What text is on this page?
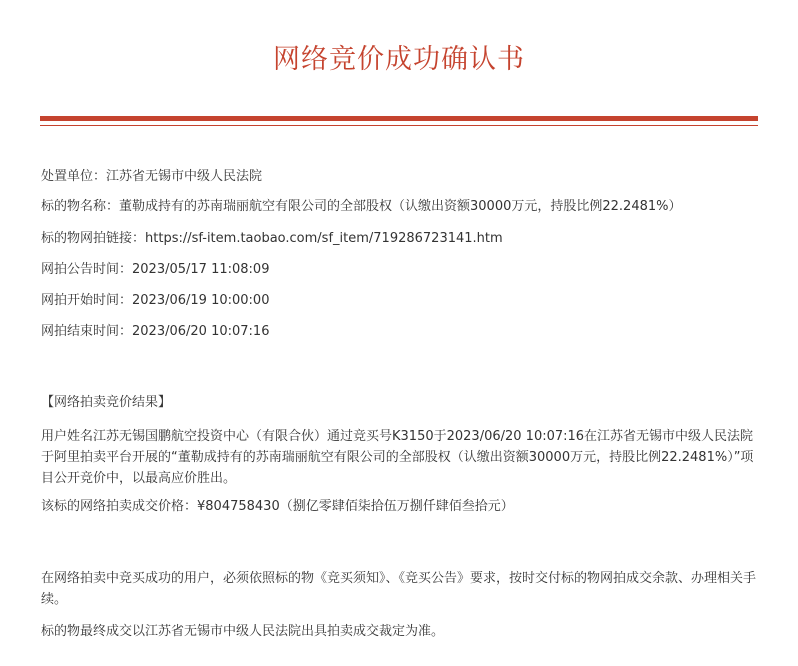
网络竞价成功确认书
处置单位：江苏省无锡市中级人民法院
标的物名称：董勒成持有的苏南瑞丽航空有限公司的全部股权（认缴出资额30000万元，持股比例22.2481%）
标的物网拍链接：https://sf-item.taobao.com/sf_item/719286723141.htm
网拍公告时间：2023/05/17 11:08:09
网拍开始时间：2023/06/19 10:00:00
网拍结束时间：2023/06/20 10:07:16
【网络拍卖竞价结果】

用户姓名江苏无锡国鹏航空投资中心（有限合伙）通过竞买号K3150于2023/06/20 10:07:16在江苏省无锡市中级人民法院于阿里拍卖平台开展的“董勒成持有的苏南瑞丽航空有限公司的全部股权（认缴出资额30000万元，持股比例22.2481%）”项目公开竞价中，以最高应价胜出。

该标的网络拍卖成交价格：¥804758430（捌亿零肆佰柒拾伍万捌仟肆佰叁拾元）

在网络拍卖中竞买成功的用户，必须依照标的物《竞买须知》、《竞买公告》要求，按时交付标的物网拍成交余款、办理相关手续。

标的物最终成交以江苏省无锡市中级人民法院出具拍卖成交裁定为准。
